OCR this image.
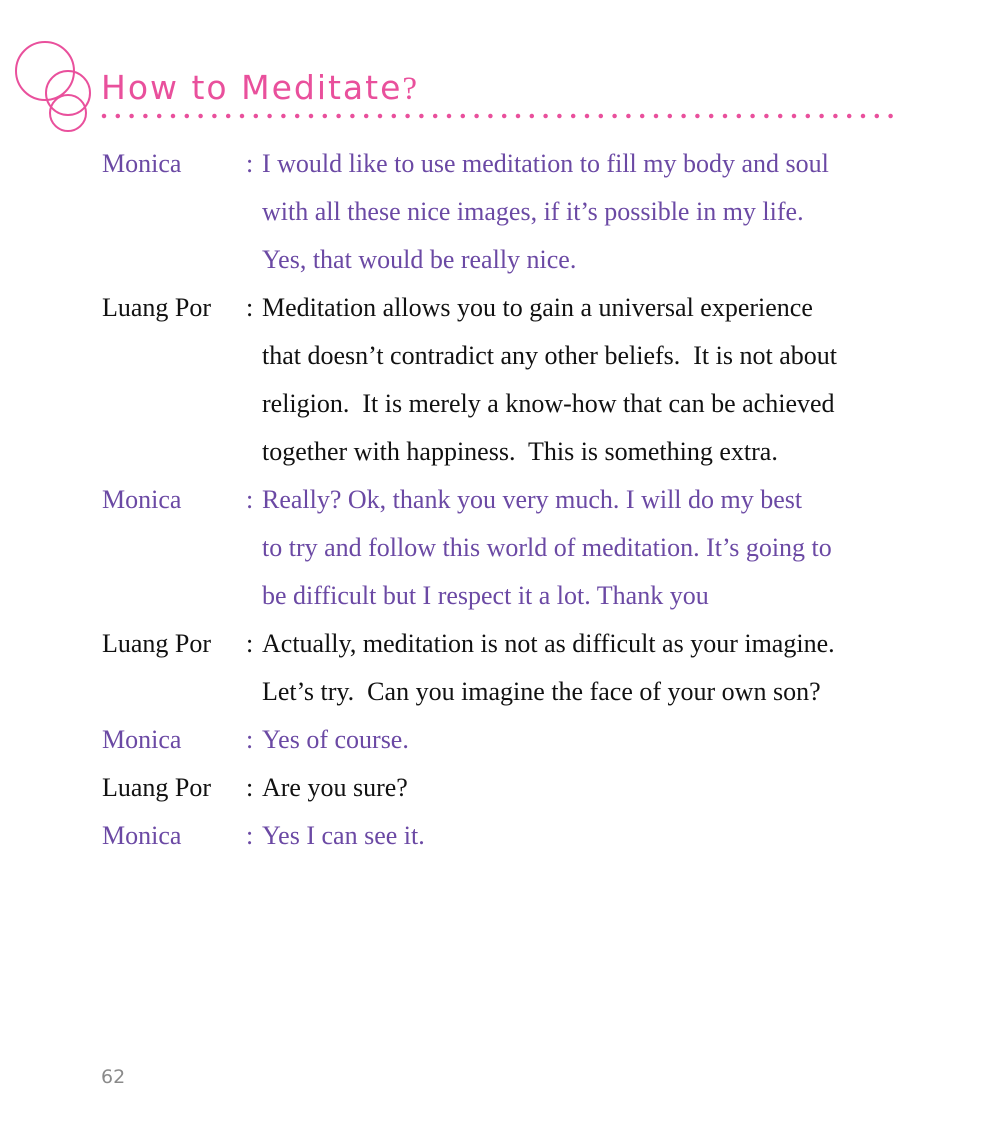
How to Meditate?
Monica : I would like to use meditation to fill my body and soul
with all these nice images, if it’s possible in my life.
Yes, that would be really nice.
Luang Por : Meditation allows you to gain a universal experience
that doesn’t contradict any other beliefs.  It is not about
religion.  It is merely a know-how that can be achieved
together with happiness.  This is something extra.
Monica : Really? Ok, thank you very much. I will do my best
to try and follow this world of meditation. It’s going to
be difficult but I respect it a lot. Thank you
Luang Por : Actually, meditation is not as difficult as your imagine.
Let’s try.  Can you imagine the face of your own son?
Monica : Yes of course.
Luang Por : Are you sure?
Monica : Yes I can see it.
62
